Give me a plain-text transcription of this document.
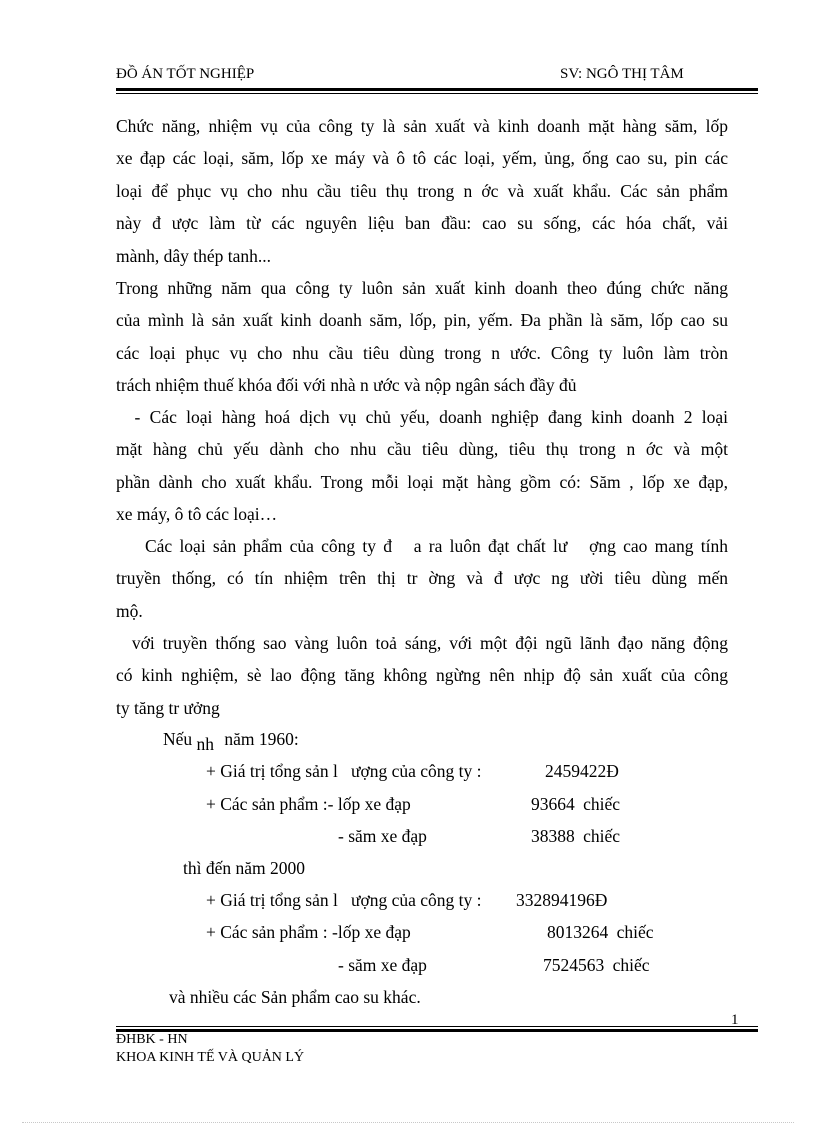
ĐỒ ÁN TỐT NGHIỆP	SV: NGÔ THỊ TÂM
Chức năng, nhiệm vụ của công ty là sản xuất và kinh doanh mặt hàng săm, lốp
xe đạp các loại, săm, lốp xe máy và ô tô các loại, yếm, ủng, ống cao su, pin các
loại để phục vụ cho nhu cầu tiêu thụ trong n ớc và xuất khẩu. Các sản phẩm
này đ ược làm từ các nguyên liệu ban đầu: cao su sống, các hóa chất, vải
mành, dây thép tanh...
Trong những năm qua công ty luôn sản xuất kinh doanh theo đúng chức năng
của mình là sản xuất kinh doanh săm, lốp, pin, yếm. Đa phần là săm, lốp cao su
các loại phục vụ cho nhu cầu tiêu dùng trong n ước. Công ty luôn làm tròn
trách nhiệm thuế khóa đối với nhà n ước và nộp ngân sách đầy đủ
- Các loại hàng hoá dịch vụ chủ yếu, doanh nghiệp đang kinh doanh 2 loại
mặt hàng chủ yếu dành cho nhu cầu tiêu dùng, tiêu thụ trong n ớc và một
phần dành cho xuất khẩu. Trong mỗi loại mặt hàng gồm có: Săm , lốp xe đạp,
xe máy, ô tô các loại…
Các loại sản phẩm của công ty đ   a ra luôn đạt chất lư   ợng cao mang tính
truyền thống, có tín nhiệm trên thị tr ờng và đ ược ng ười tiêu dùng mến
mộ.
với truyền thống sao vàng luôn toả sáng, với một đội ngũ lãnh đạo năng động
có kinh nghiệm, sè lao động tăng không ngừng nên nhịp độ sản xuất của công
ty tăng tr ưởng
Nếu nh năm 1960:
+ Giá trị tổng sản l   ượng của công ty :	2459422Đ
+ Các sản phẩm :- lốp xe đạp	93664 chiếc
- săm xe đạp	38388 chiếc
thì đến năm 2000
+ Giá trị tổng sản l   ượng của công ty : 332894196Đ
+ Các sản phẩm : -lốp xe đạp	8013264 chiếc
- săm xe đạp	7524563 chiếc
và nhiều các Sản phẩm cao su khác.
1
ĐHBK - HN
KHOA KINH TẾ VÀ QUẢN LÝ
